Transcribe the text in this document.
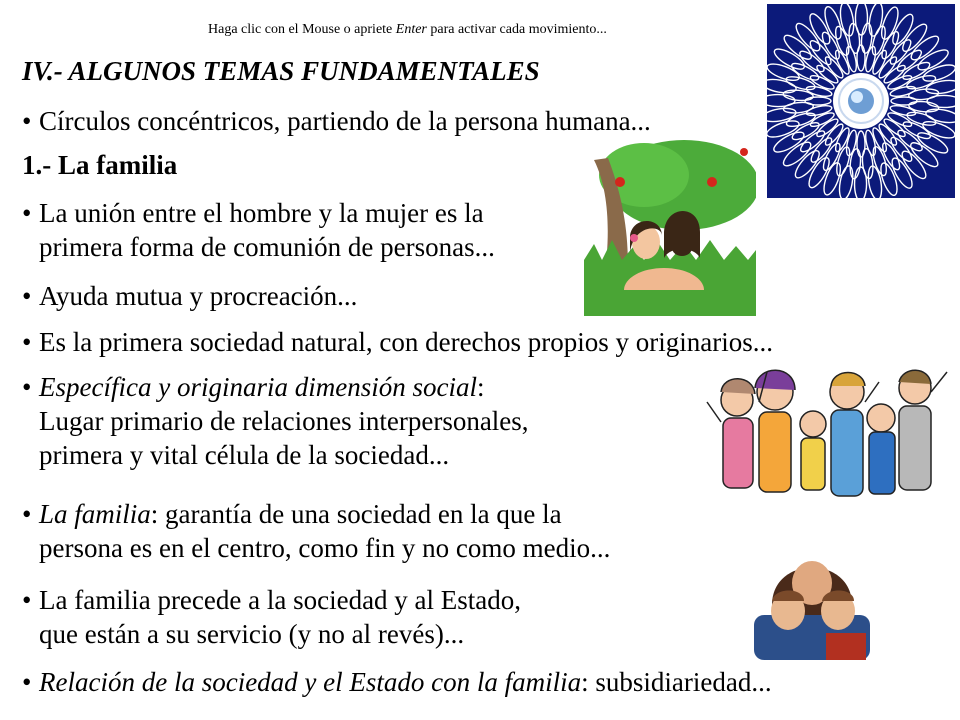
Haga clic con el Mouse o apriete Enter para activar cada movimiento...
IV.- ALGUNOS TEMAS FUNDAMENTALES
• Círculos concéntricos, partiendo de la persona humana...
1.- La familia
• La unión entre el hombre y la mujer es la
primera forma de comunión de personas...
• Ayuda mutua y procreación...
• Es la primera sociedad natural, con derechos propios y originarios...
• Específica y originaria dimensión social:
Lugar primario de relaciones interpersonales,
primera y vital célula de la sociedad...
• La familia: garantía de una sociedad en la que la
persona es en el centro, como fin y no como medio...
• La familia precede a la sociedad y al Estado,
que están a su servicio (y no al revés)...
• Relación de la sociedad y el Estado con la familia: subsidiariedad...
